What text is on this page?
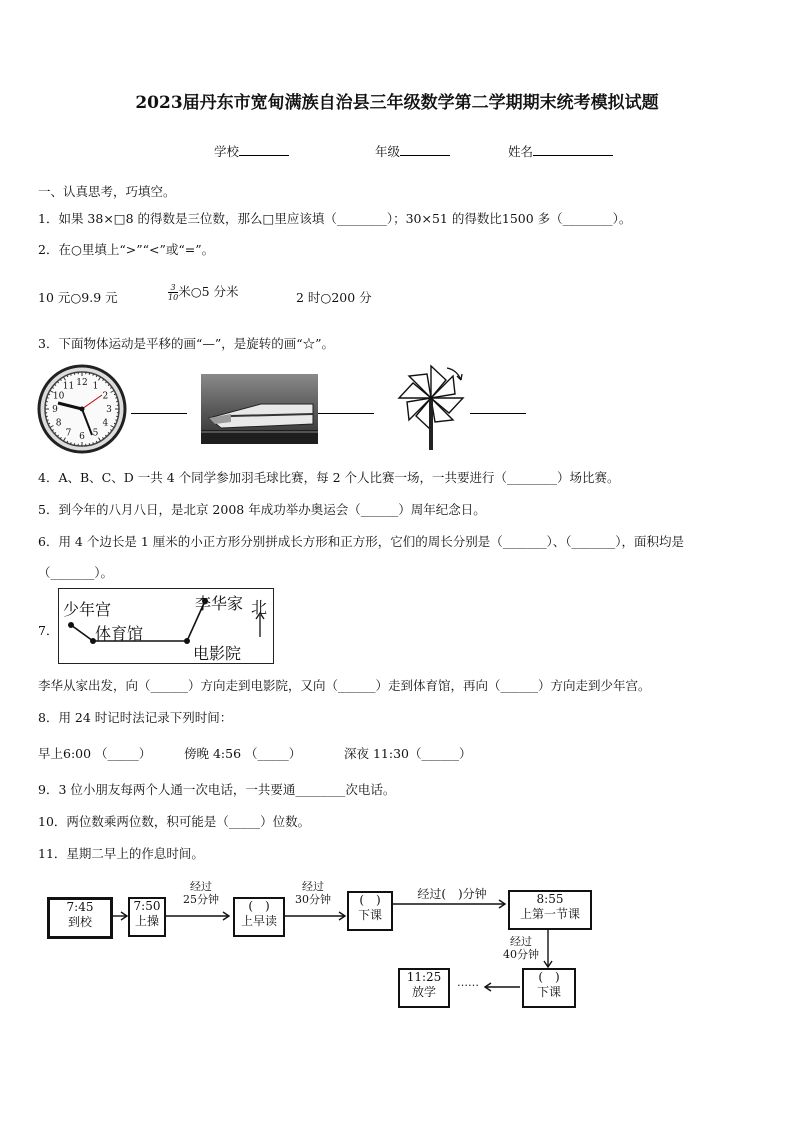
2023届丹东市宽甸满族自治县三年级数学第二学期期末统考模拟试题
学校	年级	姓名
一、认真思考，巧填空。
1．如果 38×□8 的得数是三位数，那么□里应该填（________）；30×51 的得数比1500 多（________）。
2．在○里填上“>”“<”或“=”。
10 元○9.9 元	$\frac{3}{10}$ 米○5 分米	2 时○200 分
3．下面物体运动是平移的画“—”，是旋转的画“☆”。
12 1
2
3
4
5
6
7
8
9
10
11
4．A、B、C、D 一共 4 个同学参加羽毛球比赛，每 2 个人比赛一场，一共要进行（________）场比赛。
5．到今年的八月八日，是北京 2008 年成功举办奥运会（______）周年纪念日。
6．用 4 个边长是 1 厘米的小正方形分别拼成长方形和正方形，它们的周长分别是（_______）、（_______），面积均是
（_______）。
7．
少年宫
体育馆
李华家 北
电影院
李华从家出发，向（______）方向走到电影院，又向（______）走到体育馆，再向（______）方向走到少年宫。
8．用 24 时记时法记录下列时间：
早上6:00 （_____）	傍晚 4:56 （_____）	深夜 11:30（______）
9．3 位小朋友每两个人通一次电话，一共要通________次电话。
10．两位数乘两位数，积可能是（_____）位数。
11．星期二早上的作息时间。
7:45
到校
7:50
上操
(　)
上早读
(　)
下课
8:55
上第一节课
(　)
下课
11:25
放学
经过
25分钟
经过
30分钟	经过(　)分钟
经过
40分钟
……
